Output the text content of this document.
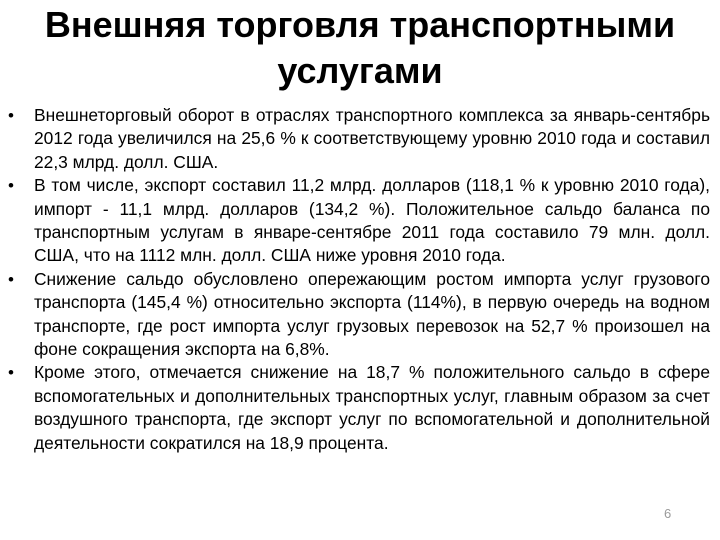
Внешняя торговля транспортными
услугами
• Внешнеторговый оборот в отраслях транспортного комплекса за январь-сентябрь 2012 года увеличился на 25,6 % к соответствующему уровню 2010 года и составил 22,3 млрд. долл. США.
• В том числе, экспорт составил 11,2 млрд. долларов (118,1 % к уровню 2010 года), импорт - 11,1 млрд. долларов (134,2 %). Положительное сальдо баланса по транспортным услугам в январе-сентябре 2011 года составило 79 млн. долл. США, что на 1112 млн. долл. США ниже уровня 2010 года.
• Снижение сальдо обусловлено опережающим ростом импорта услуг грузового транспорта (145,4 %) относительно экспорта (114%), в первую очередь на водном транспорте, где рост импорта услуг грузовых перевозок на 52,7 % произошел на фоне сокращения экспорта на 6,8%.
• Кроме этого, отмечается снижение на 18,7 % положительного сальдо в сфере вспомогательных и дополнительных транспортных услуг, главным образом за счет воздушного транспорта, где экспорт услуг по вспомогательной и дополнительной деятельности сократился на 18,9 процента.
6
